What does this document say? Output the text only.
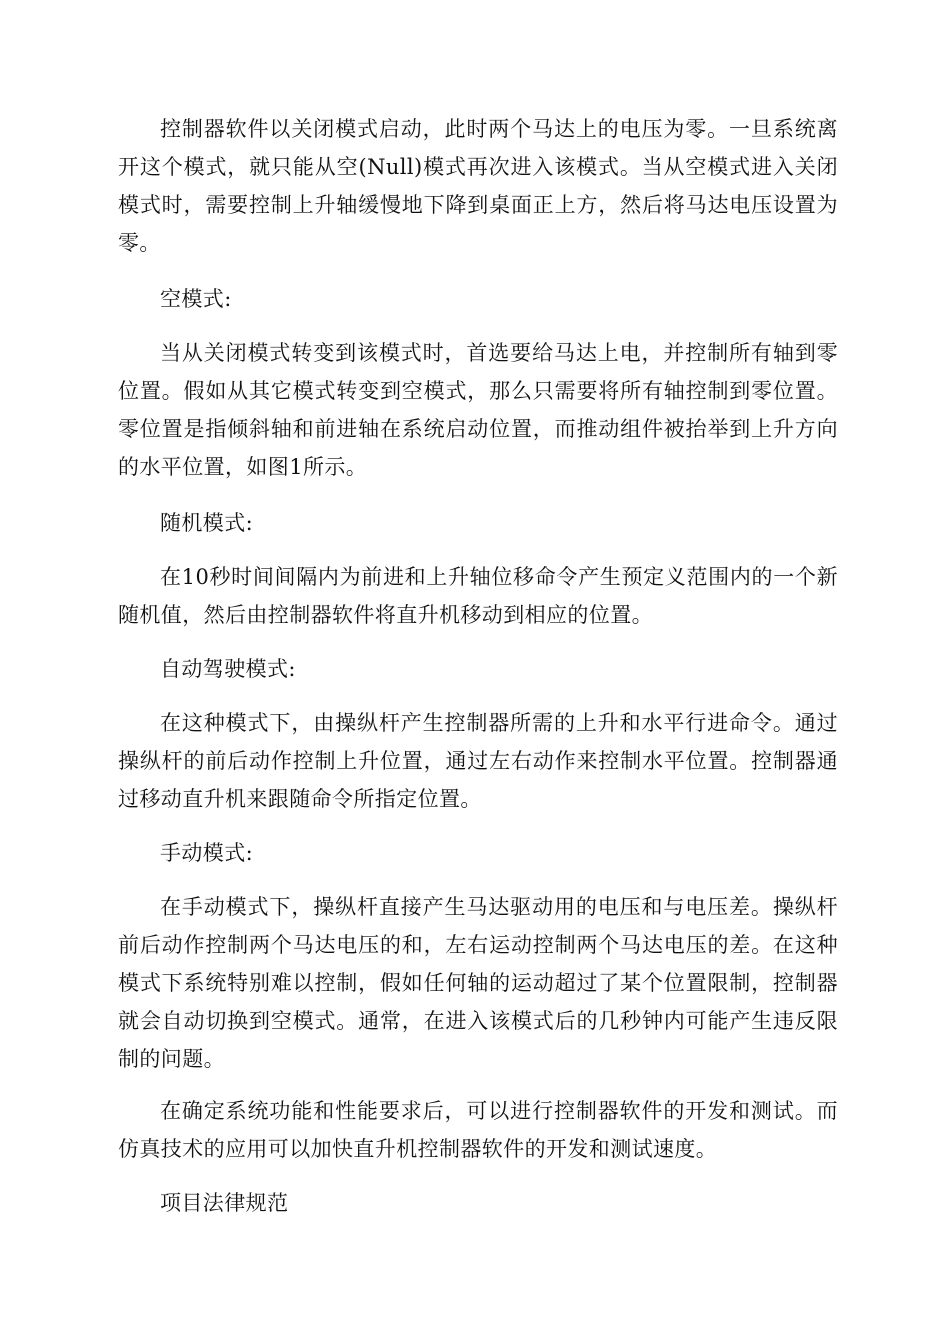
控制器软件以关闭模式启动，此时两个马达上的电压为零。一旦系统离开这个模式，就只能从空(Null)模式再次进入该模式。当从空模式进入关闭模式时，需要控制上升轴缓慢地下降到桌面正上方，然后将马达电压设置为零。

空模式:

当从关闭模式转变到该模式时，首选要给马达上电，并控制所有轴到零位置。假如从其它模式转变到空模式，那么只需要将所有轴控制到零位置。零位置是指倾斜轴和前进轴在系统启动位置，而推动组件被抬举到上升方向的水平位置，如图1所示。

随机模式:

在10秒时间间隔内为前进和上升轴位移命令产生预定义范围内的一个新随机值，然后由控制器软件将直升机移动到相应的位置。

自动驾驶模式:

在这种模式下，由操纵杆产生控制器所需的上升和水平行进命令。通过操纵杆的前后动作控制上升位置，通过左右动作来控制水平位置。控制器通过移动直升机来跟随命令所指定位置。

手动模式:

在手动模式下，操纵杆直接产生马达驱动用的电压和与电压差。操纵杆前后动作控制两个马达电压的和，左右运动控制两个马达电压的差。在这种模式下系统特别难以控制，假如任何轴的运动超过了某个位置限制，控制器就会自动切换到空模式。通常，在进入该模式后的几秒钟内可能产生违反限制的问题。

在确定系统功能和性能要求后，可以进行控制器软件的开发和测试。而仿真技术的应用可以加快直升机控制器软件的开发和测试速度。

项目法律规范
